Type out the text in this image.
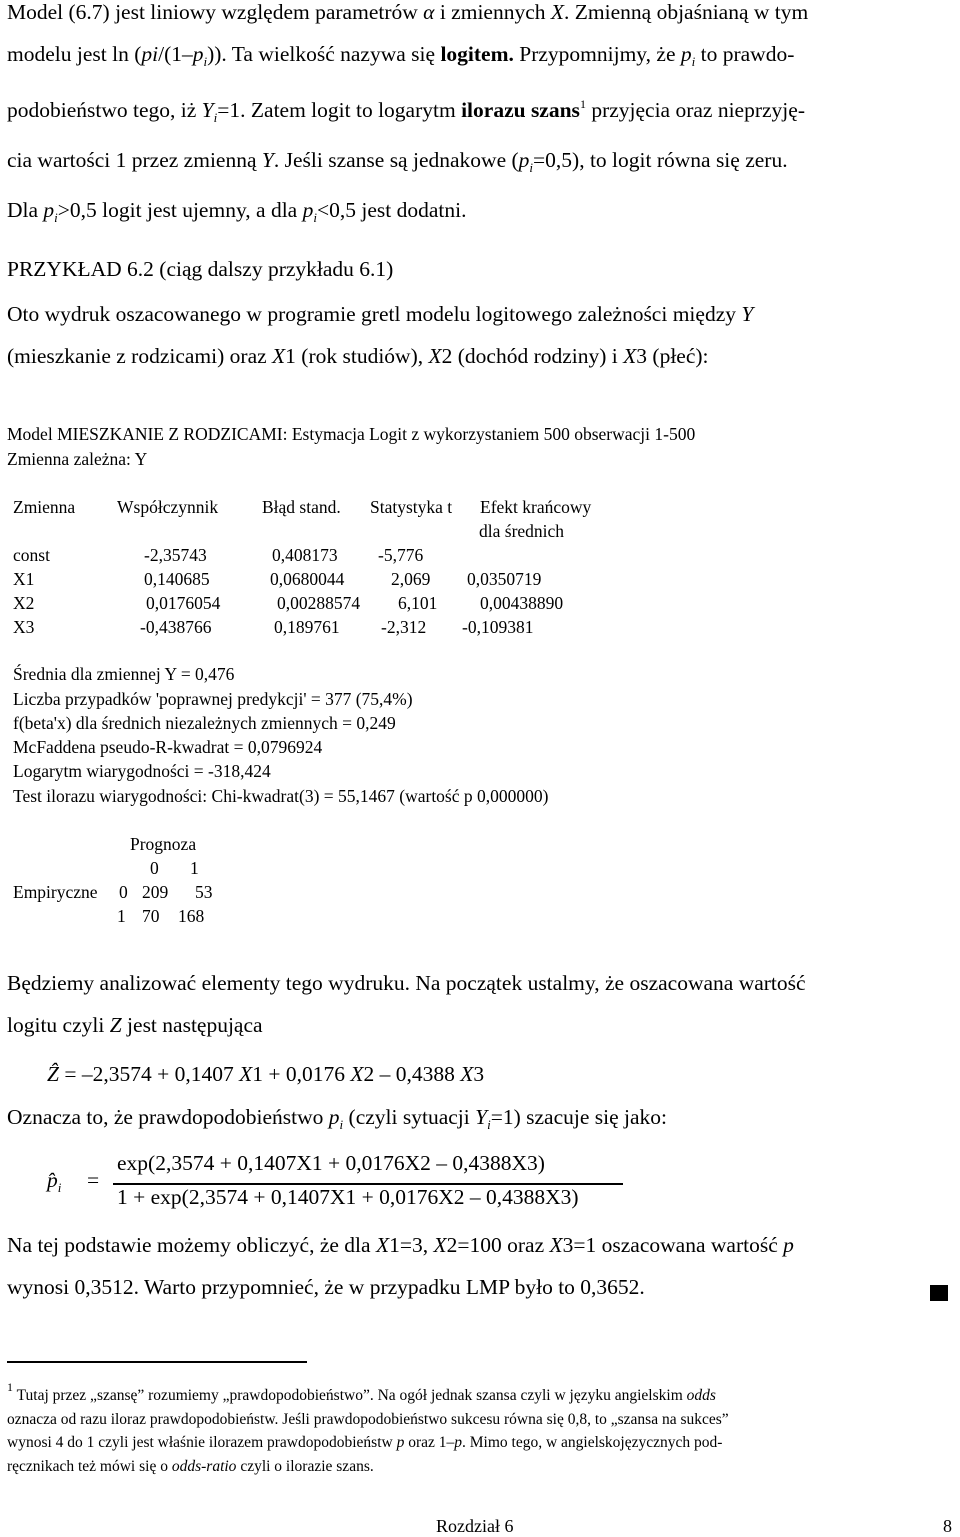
Model (6.7) jest liniowy względem parametrów α i zmiennych X. Zmienną objaśnianą w tym
modelu jest $\ln (pi/(1-p_i))$. Ta wielkość nazywa się logitem. Przypomnijmy, że $p_i$ to prawdo-
podobieństwo tego, iż $Y_i=1$. Zatem logit to logarytm ilorazu szans$^1$ przyjęcia oraz nieprzyję-
cia wartości 1 przez zmienną Y. Jeśli szanse są jednakowe $(p_i=0,5)$, to logit równa się zeru.
Dla $p_i>0,5$ logit jest ujemny, a dla $p_i<0,5$ jest dodatni.
PRZYKŁAD 6.2 (ciąg dalszy przykładu 6.1)
Oto wydruk oszacowanego w programie gretl modelu logitowego zależności między Y
(mieszkanie z rodzicami) oraz X1 (rok studiów), X2 (dochód rodziny) i X3 (płeć):
Model MIESZKANIE Z RODZICAMI: Estymacja Logit z wykorzystaniem 500 obserwacji 1-500
Zmienna zależna: Y
Zmienna Współczynnik	Błąd stand. Statystyka t Efekt krańcowy
dla średnich
const	-2,35743	0,408173 -5,776
X1	0,140685	0,0680044	2,069 0,0350719
X2	0,0176054	0,00288574 6,101 0,00438890
X3	-0,438766	0,189761 -2,312 -0,109381
Średnia dla zmiennej Y = 0,476
Liczba przypadków 'poprawnej predykcji' = 377 (75,4%)
f(beta'x) dla średnich niezależnych zmiennych = 0,249
McFaddena pseudo-R-kwadrat = 0,0796924
Logarytm wiarygodności = -318,424
Test ilorazu wiarygodności: Chi-kwadrat(3) = 55,1467 (wartość p 0,000000)
Prognoza
0 1
Empiryczne 0 209 53
1 70 168
Będziemy analizować elementy tego wydruku. Na początek ustalmy, że oszacowana wartość
logitu czyli Z jest następująca
Ẑ = –2,3574 + 0,1407 X1 + 0,0176 X2 – 0,4388 X3
Oznacza to, że prawdopodobieństwo $p_i$ (czyli sytuacji $Y_i=1$) szacuje się jako:
$p̂_i$ =
exp(2,3574 + 0,1407X1 + 0,0176X2 – 0,4388X3)
1 + exp(2,3574 + 0,1407X1 + 0,0176X2 – 0,4388X3)
Na tej podstawie możemy obliczyć, że dla X1=3, X2=100 oraz X3=1 oszacowana wartość p
wynosi 0,3512. Warto przypomnieć, że w przypadku LMP było to 0,3652.
$^1$ Tutaj przez „szansę” rozumiemy „prawdopodobieństwo”. Na ogół jednak szansa czyli w języku angielskim odds
oznacza od razu iloraz prawdopodobieństw. Jeśli prawdopodobieństwo sukcesu równa się 0,8, to „szansa na sukces”
wynosi 4 do 1 czyli jest właśnie ilorazem prawdopodobieństw p oraz 1–p. Mimo tego, w angielskojęzycznych pod-
ręcznikach też mówi się o odds-ratio czyli o ilorazie szans.
Rozdział 6	8
